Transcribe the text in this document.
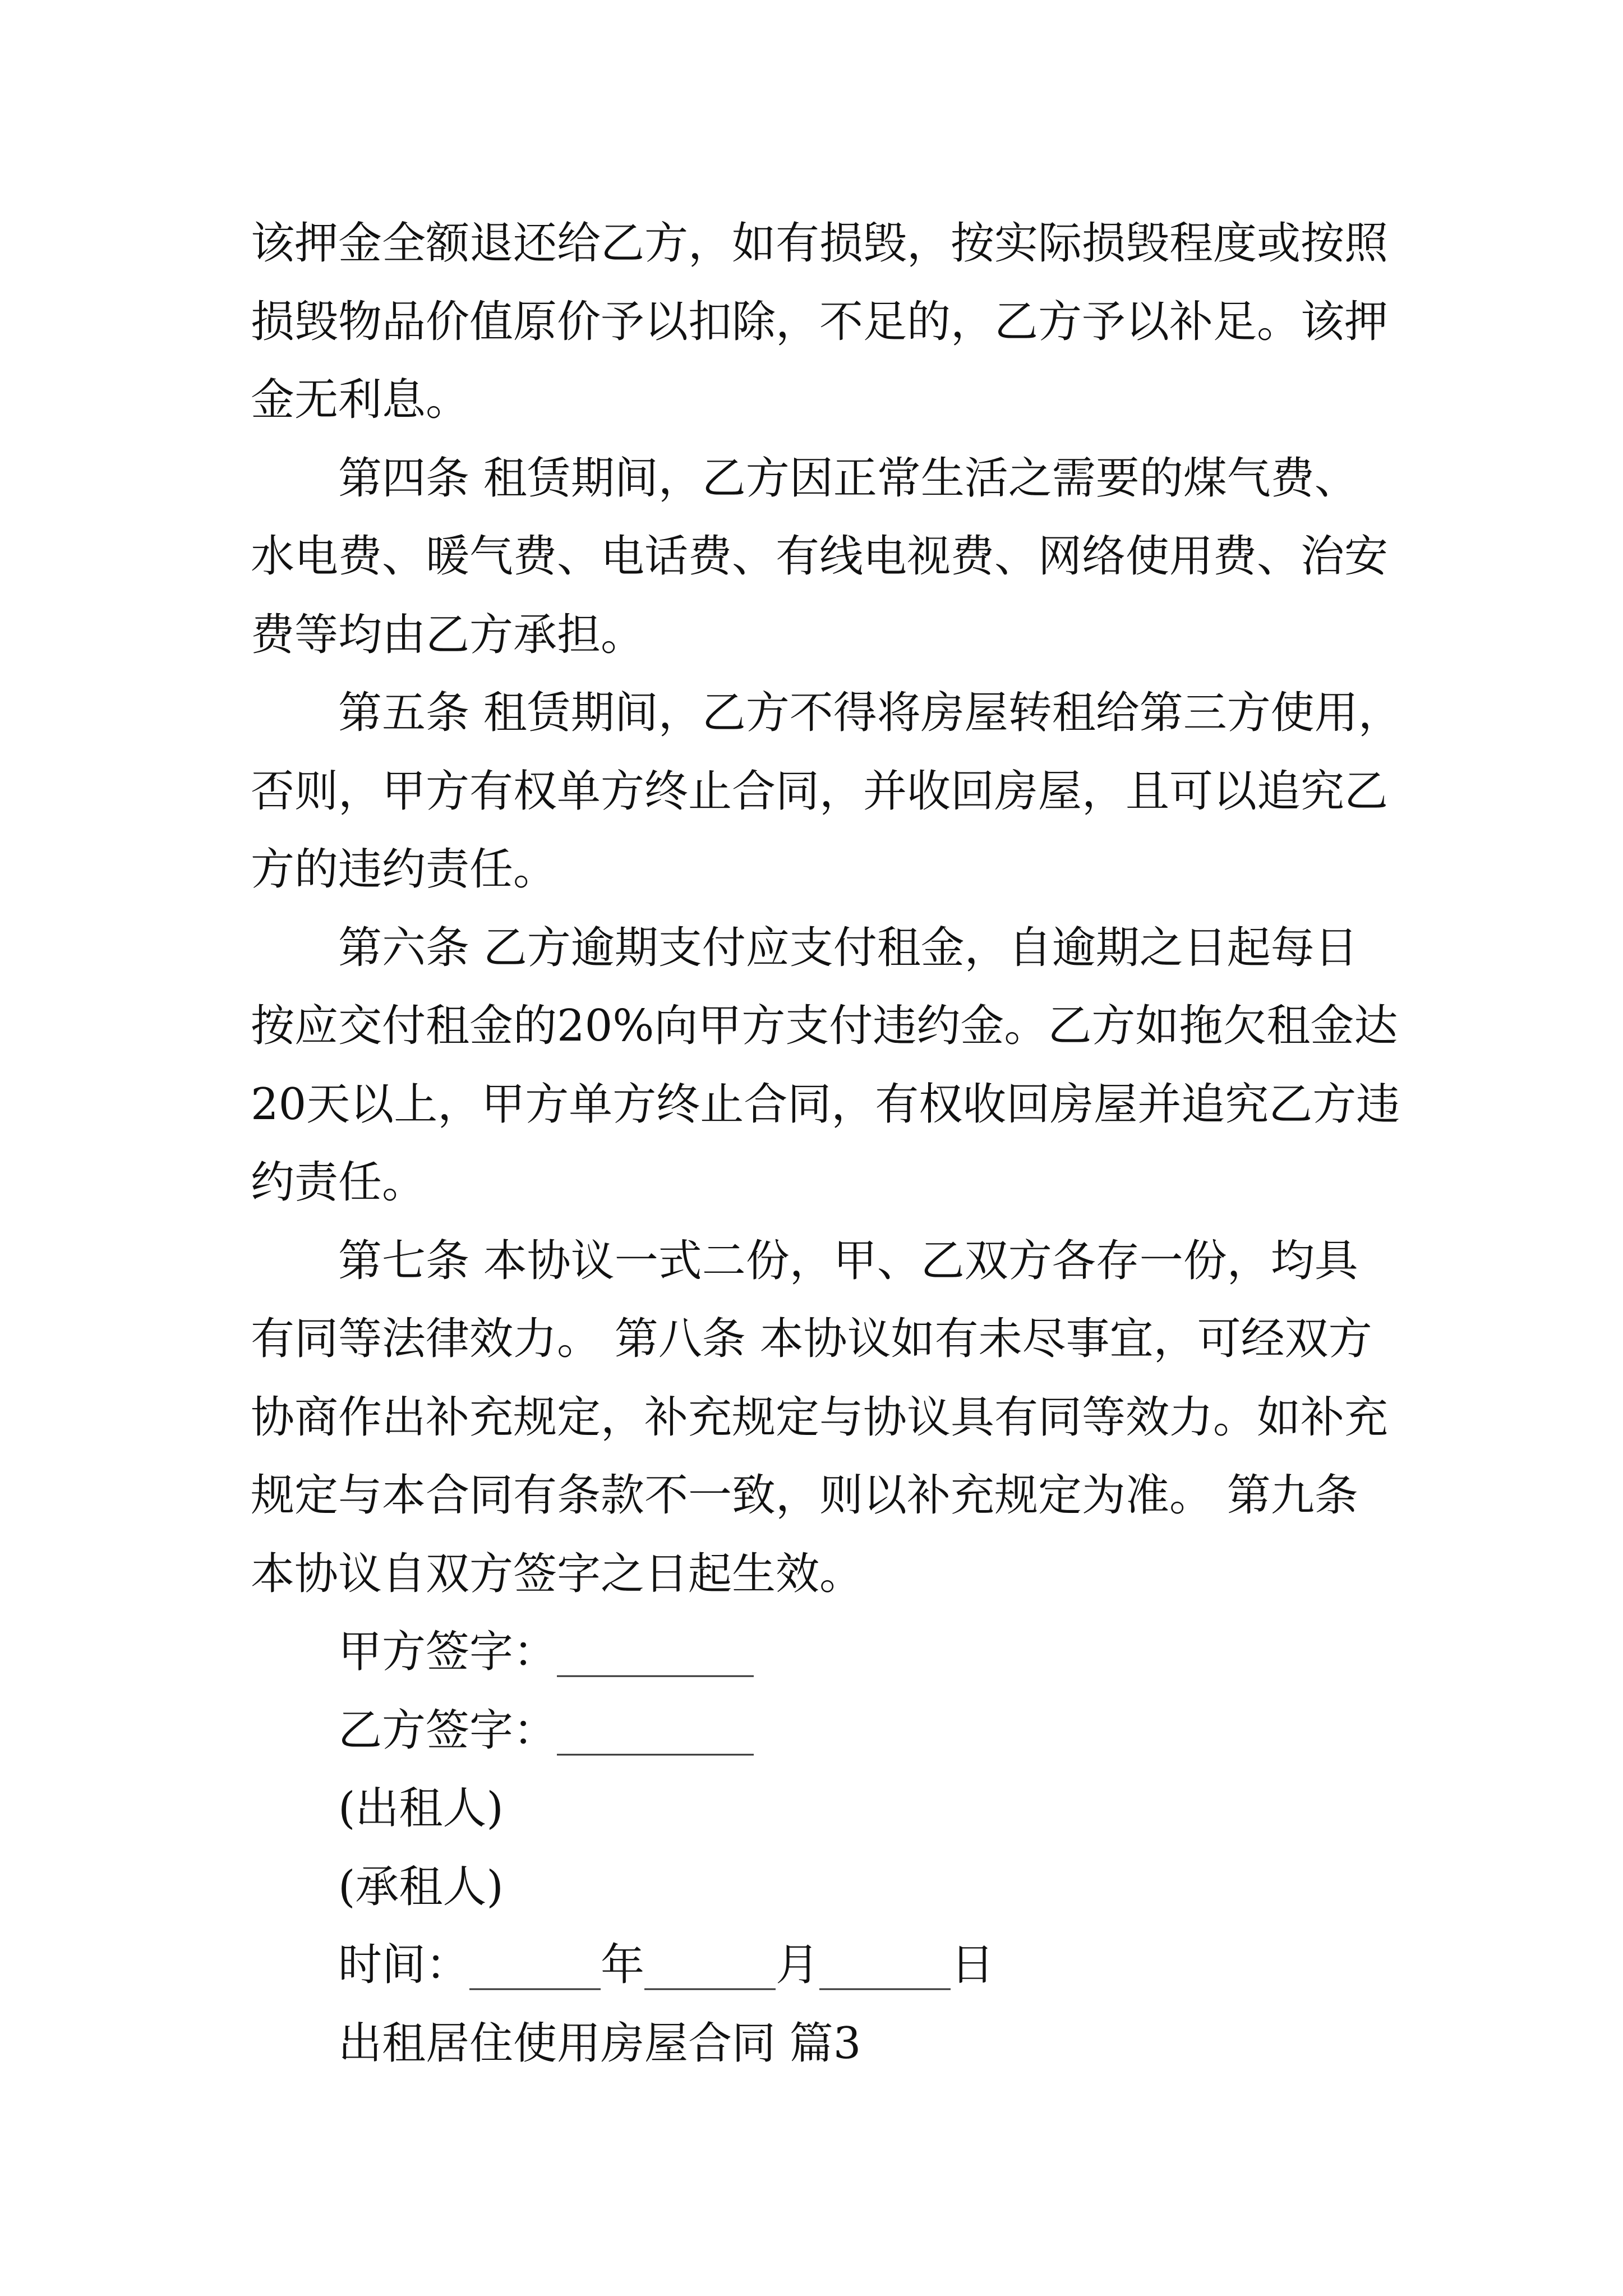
该押金全额退还给乙方，如有损毁，按实际损毁程度或按照
损毁物品价值原价予以扣除，不足的，乙方予以补足。该押
金无利息。
第四条 租赁期间，乙方因正常生活之需要的煤气费、
水电费、暖气费、电话费、有线电视费、网络使用费、治安
费等均由乙方承担。
第五条 租赁期间，乙方不得将房屋转租给第三方使用，
否则，甲方有权单方终止合同，并收回房屋，且可以追究乙
方的违约责任。
第六条 乙方逾期支付应支付租金，自逾期之日起每日
按应交付租金的20%向甲方支付违约金。乙方如拖欠租金达
20天以上，甲方单方终止合同，有权收回房屋并追究乙方违
约责任。
第七条 本协议一式二份，甲、乙双方各存一份，均具
有同等法律效力。 第八条 本协议如有未尽事宜，可经双方
协商作出补充规定，补充规定与协议具有同等效力。如补充
规定与本合同有条款不一致，则以补充规定为准。 第九条
本协议自双方签字之日起生效。
甲方签字：_________
乙方签字：_________
(出租人)
(承租人)
时间：______年______月______日
出租居住使用房屋合同 篇3
